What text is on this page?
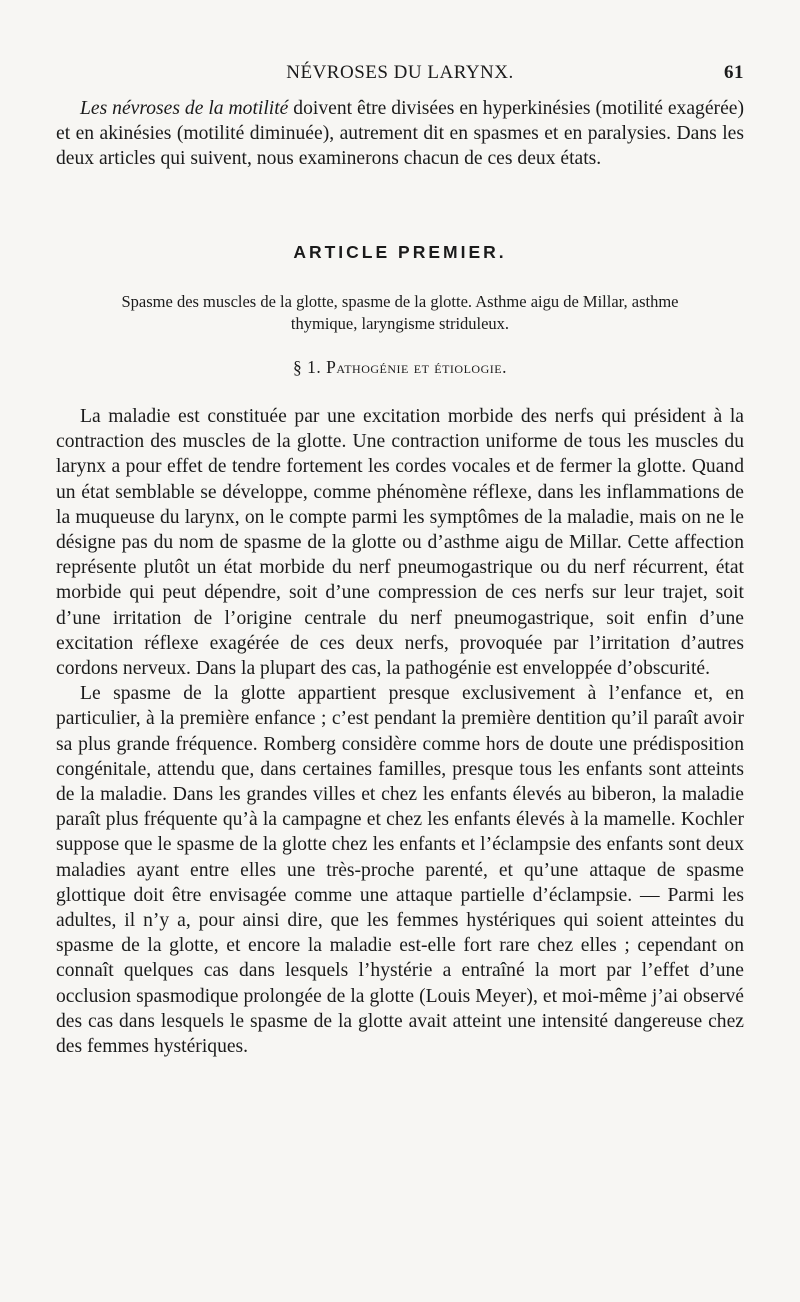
NÉVROSES DU LARYNX.	61

Les névroses de la motilité doivent être divisées en hyperkinésies (motilité exagérée) et en akinésies (motilité diminuée), autrement dit en spasmes et en paralysies. Dans les deux articles qui suivent, nous examinerons chacun de ces deux états.

ARTICLE PREMIER.
Spasme des muscles de la glotte, spasme de la glotte. Asthme aigu de Millar, asthme thymique, laryngisme striduleux.
§ 1. Pathogénie et étiologie.

La maladie est constituée par une excitation morbide des nerfs qui président à la contraction des muscles de la glotte. Une contraction uniforme de tous les muscles du larynx a pour effet de tendre fortement les cordes vocales et de fermer la glotte. Quand un état semblable se développe, comme phénomène réflexe, dans les inflammations de la muqueuse du larynx, on le compte parmi les symptômes de la maladie, mais on ne le désigne pas du nom de spasme de la glotte ou d’asthme aigu de Millar. Cette affection représente plutôt un état morbide du nerf pneumogastrique ou du nerf récurrent, état morbide qui peut dépendre, soit d’une compression de ces nerfs sur leur trajet, soit d’une irritation de l’origine centrale du nerf pneumogastrique, soit enfin d’une excitation réflexe exagérée de ces deux nerfs, provoquée par l’irritation d’autres cordons nerveux. Dans la plupart des cas, la pathogénie est enveloppée d’obscurité.

Le spasme de la glotte appartient presque exclusivement à l’enfance et, en particulier, à la première enfance ; c’est pendant la première dentition qu’il paraît avoir sa plus grande fréquence. Romberg considère comme hors de doute une prédisposition congénitale, attendu que, dans certaines familles, presque tous les enfants sont atteints de la maladie. Dans les grandes villes et chez les enfants élevés au biberon, la maladie paraît plus fréquente qu’à la campagne et chez les enfants élevés à la mamelle. Kochler suppose que le spasme de la glotte chez les enfants et l’éclampsie des enfants sont deux maladies ayant entre elles une très-proche parenté, et qu’une attaque de spasme glottique doit être envisagée comme une attaque partielle d’éclampsie. — Parmi les adultes, il n’y a, pour ainsi dire, que les femmes hystériques qui soient atteintes du spasme de la glotte, et encore la maladie est-elle fort rare chez elles ; cependant on connaît quelques cas dans lesquels l’hystérie a entraîné la mort par l’effet d’une occlusion spasmodique prolongée de la glotte (Louis Meyer), et moi-même j’ai observé des cas dans lesquels le spasme de la glotte avait atteint une intensité dangereuse chez des femmes hystériques.
